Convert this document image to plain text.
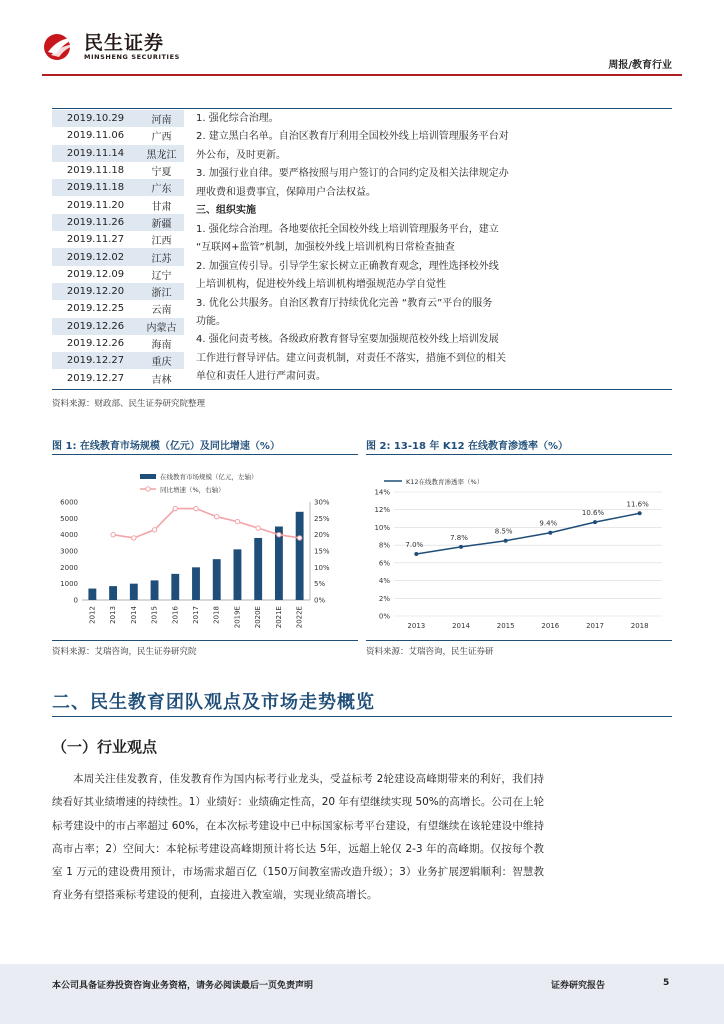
民生证券
MINSHENG SECURITIES
周报/教育行业
2019.10.29	河南
2019.11.06	广西
2019.11.14	黑龙江
2019.11.18	宁夏
2019.11.18	广东
2019.11.20	甘肃
2019.11.26	新疆
2019.11.27	江西
2019.12.02	江苏
2019.12.09	辽宁
2019.12.20	浙江
2019.12.25	云南
2019.12.26	内蒙古
2019.12.26	海南
2019.12.27	重庆
2019.12.27	吉林
1. 强化综合治理。
2. 建立黑白名单。自治区教育厅利用全国校外线上培训管理服务平台对
外公布，及时更新。
3. 加强行业自律。要严格按照与用户签订的合同约定及相关法律规定办
理收费和退费事宜，保障用户合法权益。
三、组织实施
1. 强化综合治理。各地要依托全国校外线上培训管理服务平台，建立
“互联网+监管”机制，加强校外线上培训机构日常检查抽查
2. 加强宣传引导。引导学生家长树立正确教育观念，理性选择校外线
上培训机构，促进校外线上培训机构增强规范办学自觉性
3. 优化公共服务。自治区教育厅持续优化完善 “教育云”平台的服务
功能。
4. 强化问责考核。各级政府教育督导室要加强规范校外线上培训发展
工作进行督导评估。建立问责机制，对责任不落实，措施不到位的相关
单位和责任人进行严肃问责。
资料来源：财政部、民生证券研究院整理
图 1: 在线教育市场规模（亿元）及同比增速（%）	图 2: 13-18 年 K12 在线教育渗透率（%）
0
1000
2000
3000
4000
5000
6000
0%
5%
10%
15%
20%
25%
30%
2012 2013 2014 2015 2016 2017 2018 2019E 2020E 2021E 2022E
在线教育市场规模（亿元，左轴）
同比增速（%，右轴）
0%
2%
4%
6%
8%
10%
12%
14%
7.0%
7.8%
8.5%
9.4%
10.6%
11.6%
2013	2014	2015	2016	2017	2018
K12在线教育渗透率（%）
资料来源：艾瑞咨询，民生证券研究院	资料来源：艾瑞咨询，民生证券研
二、民生教育团队观点及市场走势概览
（一）行业观点
本周关注佳发教育，佳发教育作为国内标考行业龙头，受益标考 2轮建设高峰期带来的利好，我们持续看好其业绩增速的持续性。1）业绩好：业绩确定性高，20 年有望继续实现 50%的高增长。公司在上轮标考建设中的市占率超过 60%，在本次标考建设中已中标国家标考平台建设，有望继续在该轮建设中维持高市占率；2）空间大：本轮标考建设高峰期预计将长达 5年，远超上轮仅 2-3 年的高峰期。仅按每个教室 1 万元的建设费用预计，市场需求超百亿（150万间教室需改造升级）；3）业务扩展逻辑顺利：智慧教育业务有望搭乘标考建设的便利，直接进入教室端，实现业绩高增长。
本公司具备证券投资咨询业务资格，请务必阅读最后一页免责声明	证券研究报告	5
